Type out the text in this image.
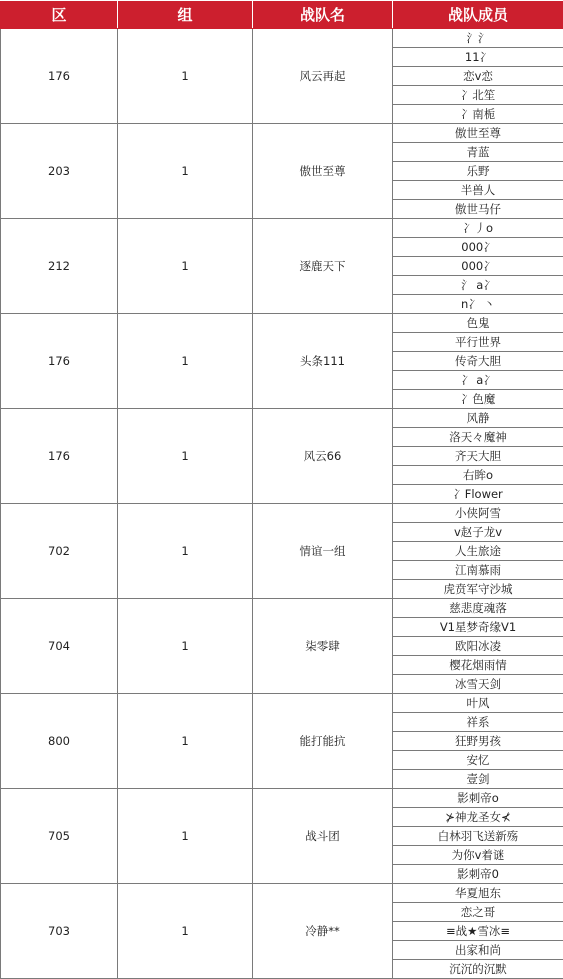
区	组	战队名	战队成员
176	1	风云再起	氵氵
			11冫
			恋ⅴ恋
			冫北笙
			冫南栀
203	1	傲世至尊	傲世至尊
			青蓝
			乐野
			半兽人
			傲世马仔
212	1	逐鹿天下	冫丿o
			000冫
			000冫
			氵 a冫
			n冫 丶
176	1	头条111	色鬼
			平行世界
			传奇大胆
			冫 a冫
			冫色魔
176	1	风云66	风静
			洛天々魔神
			齐天大胆
			右眸o
			冫Flower
702	1	情谊一组	小侠阿雪
			v赵子龙v
			人生旅途
			江南慕雨
			虎贲军守沙城
704	1	柒零肆	慈悲度魂落
			V1星梦奇缘V1
			欧阳冰凌
			樱花烟雨情
			冰雪天剑
800	1	能打能抗	叶风
			祥系
			狂野男孩
			安忆
			壹剑
705	1	战斗团	影刺帝o
			⊁神龙圣女⊀
			白林羽飞送新殇
			为你v着谜
			影刺帝0
703	1	冷静**	华夏旭东
			恋之哥
			≡战★雪冰≡
			出家和尚
			沉沉的沉默
